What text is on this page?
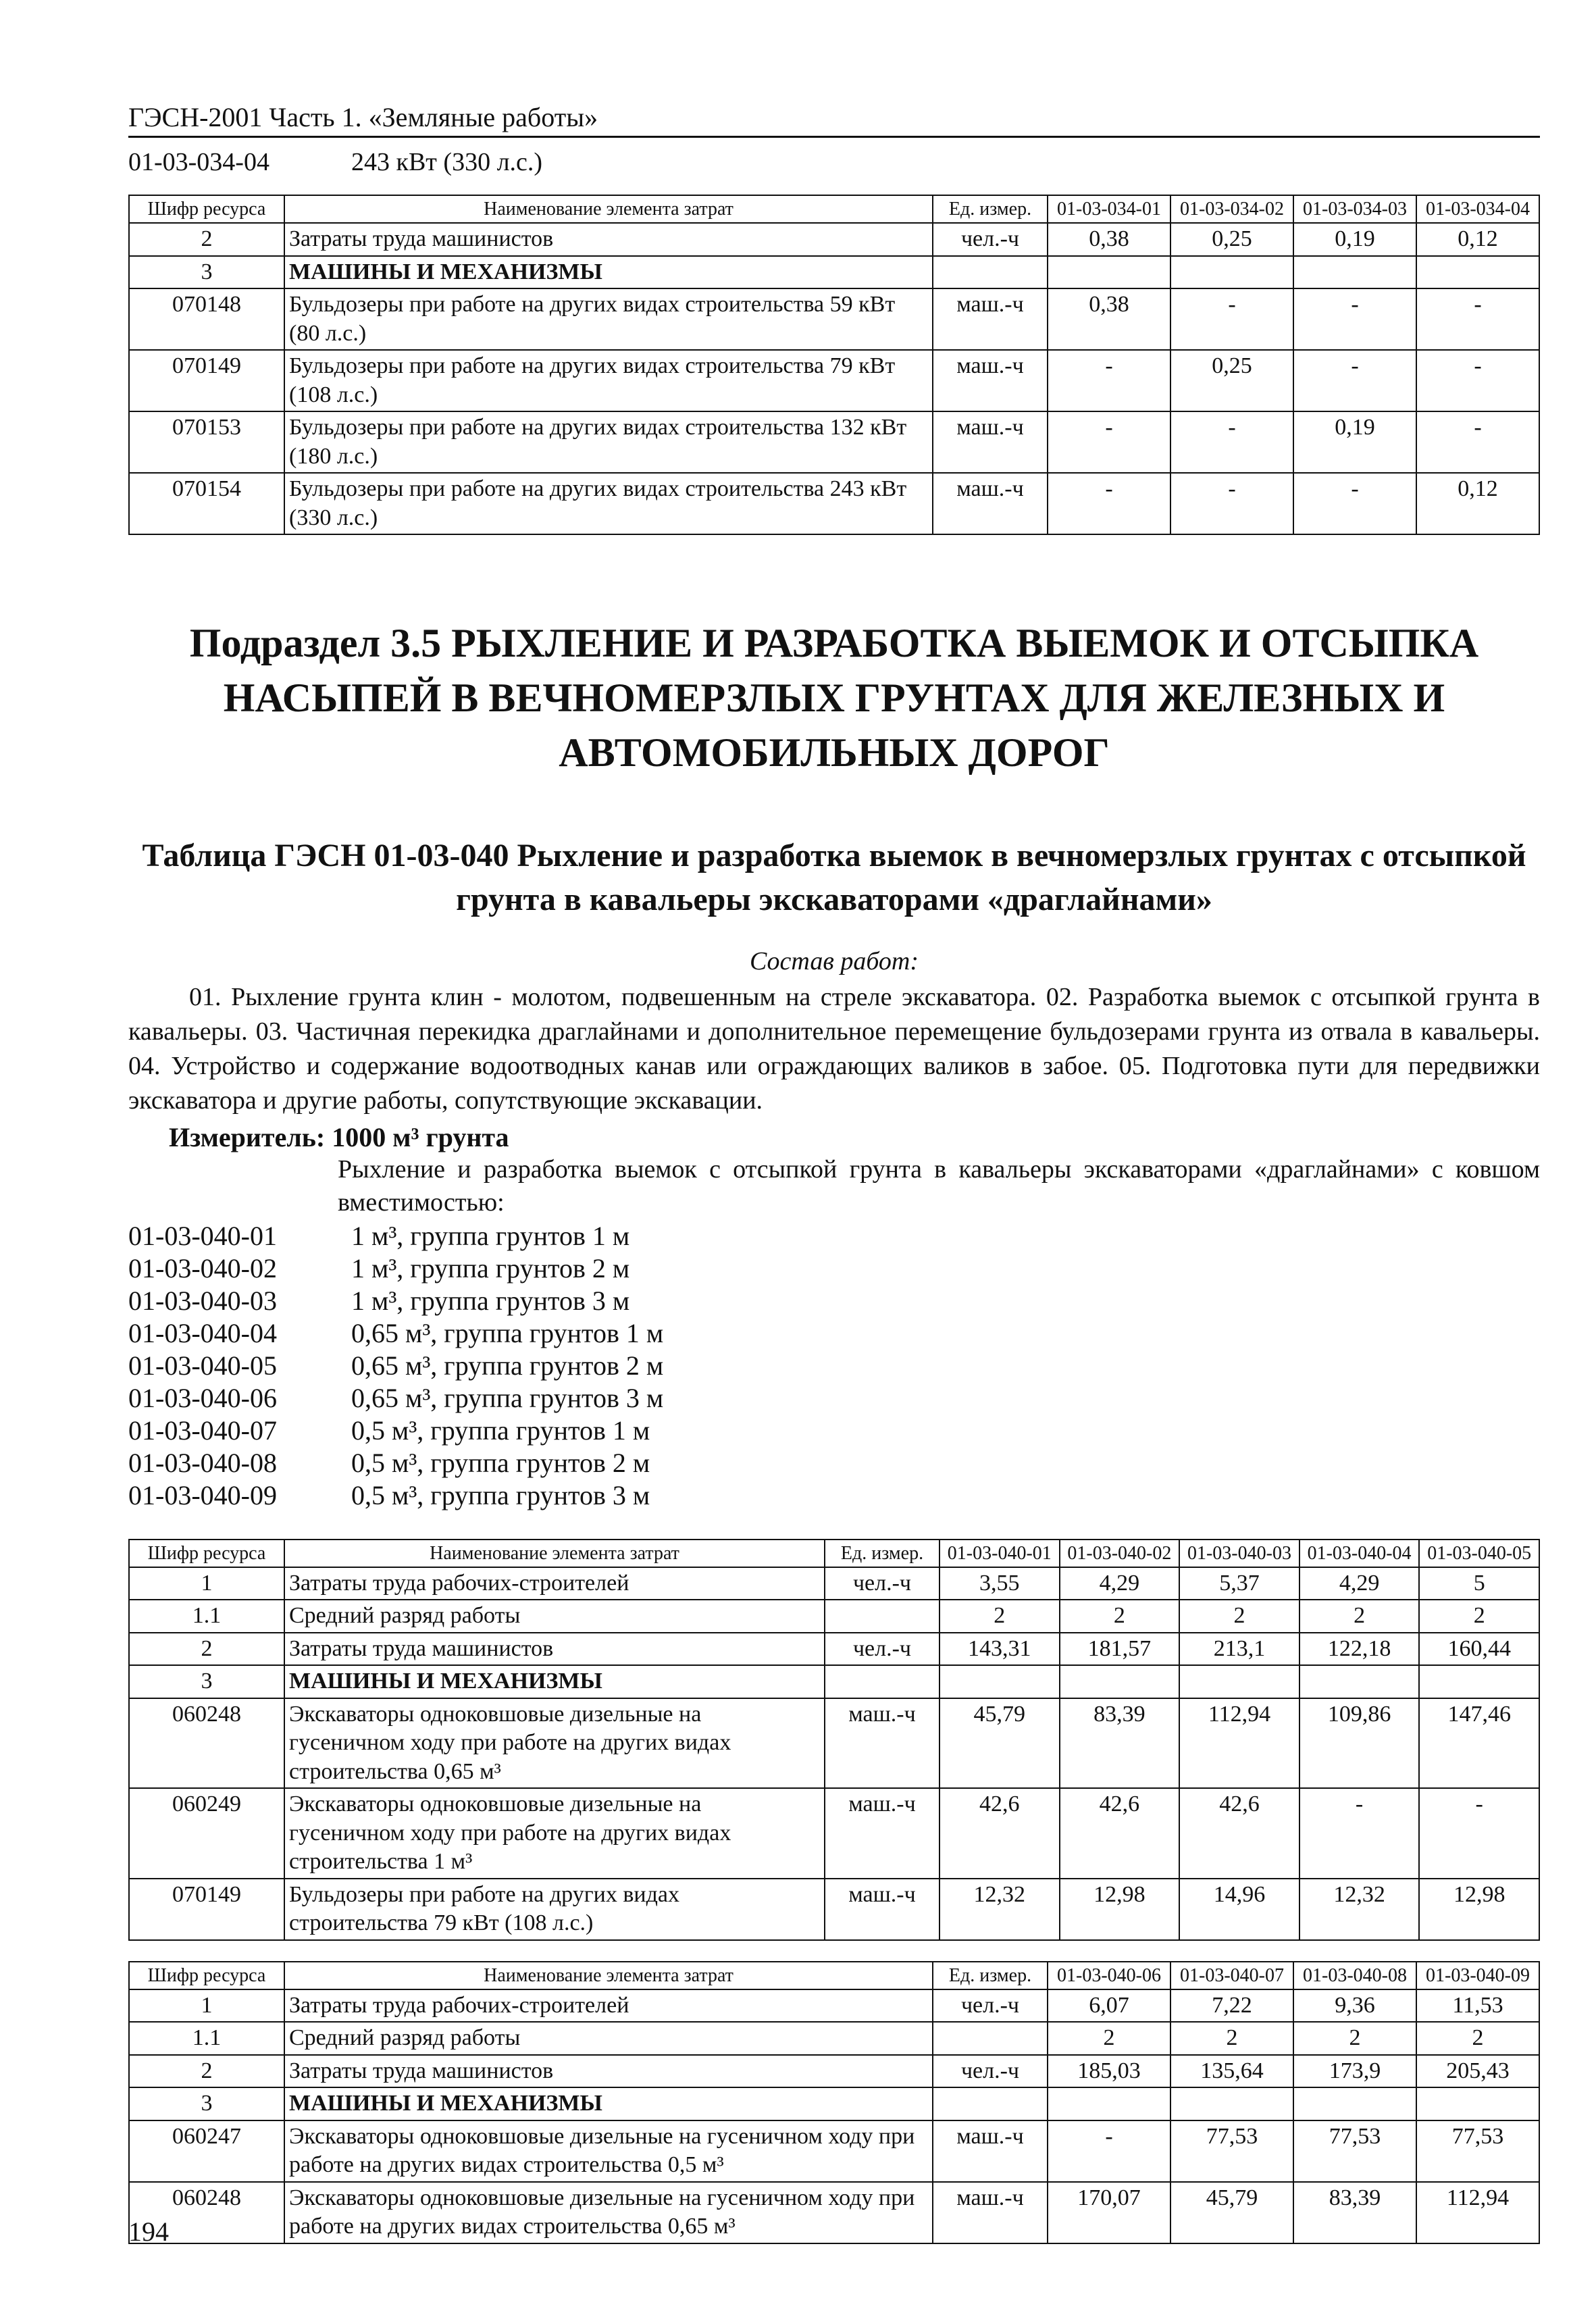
ГЭСН-2001 Часть 1. «Земляные работы»
01-03-034-04	243 кВт (330 л.с.)
Шифр ресурса	Наименование элемента затрат	Ед. измер.	01-03-034-01	01-03-034-02	01-03-034-03	01-03-034-04
2	Затраты труда машинистов	чел.-ч	0,38	0,25	0,19	0,12
3	МАШИНЫ И МЕХАНИЗМЫ					
070148	Бульдозеры при работе на других видах строительства 59 кВт (80 л.с.)	маш.-ч	0,38	-	-	-
070149	Бульдозеры при работе на других видах строительства 79 кВт (108 л.с.)	маш.-ч	-	0,25	-	-
070153	Бульдозеры при работе на других видах строительства 132 кВт (180 л.с.)	маш.-ч	-	-	0,19	-
070154	Бульдозеры при работе на других видах строительства 243 кВт (330 л.с.)	маш.-ч	-	-	-	0,12
Подраздел 3.5 РЫХЛЕНИЕ И РАЗРАБОТКА ВЫЕМОК И ОТСЫПКА НАСЫПЕЙ В ВЕЧНОМЕРЗЛЫХ ГРУНТАХ ДЛЯ ЖЕЛЕЗНЫХ И АВТОМОБИЛЬНЫХ ДОРОГ
Таблица ГЭСН 01-03-040 Рыхление и разработка выемок в вечномерзлых грунтах с отсыпкой грунта в кавальеры экскаваторами «драглайнами»
Состав работ:
01. Рыхление грунта клин - молотом, подвешенным на стреле экскаватора. 02. Разработка выемок с отсыпкой грунта в кавальеры. 03. Частичная перекидка драглайнами и дополнительное перемещение бульдозерами грунта из отвала в кавальеры. 04. Устройство и содержание водоотводных канав или ограждающих валиков в забое. 05. Подготовка пути для передвижки экскаватора и другие работы, сопутствующие экскавации.
Измеритель: 1000 м³ грунта
Рыхление и разработка выемок с отсыпкой грунта в кавальеры экскаваторами «драглайнами» с ковшом вместимостью:
01-03-040-01	1 м³, группа грунтов 1 м
01-03-040-02	1 м³, группа грунтов 2 м
01-03-040-03	1 м³, группа грунтов 3 м
01-03-040-04	0,65 м³, группа грунтов 1 м
01-03-040-05	0,65 м³, группа грунтов 2 м
01-03-040-06	0,65 м³, группа грунтов 3 м
01-03-040-07	0,5 м³, группа грунтов 1 м
01-03-040-08	0,5 м³, группа грунтов 2 м
01-03-040-09	0,5 м³, группа грунтов 3 м
Шифр ресурса	Наименование элемента затрат	Ед. измер.	01-03-040-01	01-03-040-02	01-03-040-03	01-03-040-04	01-03-040-05
1	Затраты труда рабочих-строителей	чел.-ч	3,55	4,29	5,37	4,29	5
1.1	Средний разряд работы		2	2	2	2	2
2	Затраты труда машинистов	чел.-ч	143,31	181,57	213,1	122,18	160,44
3	МАШИНЫ И МЕХАНИЗМЫ						
060248	Экскаваторы одноковшовые дизельные на гусеничном ходу при работе на других видах строительства 0,65 м³	маш.-ч	45,79	83,39	112,94	109,86	147,46
060249	Экскаваторы одноковшовые дизельные на гусеничном ходу при работе на других видах строительства 1 м³	маш.-ч	42,6	42,6	42,6	-	-
070149	Бульдозеры при работе на других видах строительства 79 кВт (108 л.с.)	маш.-ч	12,32	12,98	14,96	12,32	12,98
Шифр ресурса	Наименование элемента затрат	Ед. измер.	01-03-040-06	01-03-040-07	01-03-040-08	01-03-040-09
1	Затраты труда рабочих-строителей	чел.-ч	6,07	7,22	9,36	11,53
1.1	Средний разряд работы		2	2	2	2
2	Затраты труда машинистов	чел.-ч	185,03	135,64	173,9	205,43
3	МАШИНЫ И МЕХАНИЗМЫ					
060247	Экскаваторы одноковшовые дизельные на гусеничном ходу при работе на других видах строительства 0,5 м³	маш.-ч	-	77,53	77,53	77,53
060248	Экскаваторы одноковшовые дизельные на гусеничном ходу при работе на других видах строительства 0,65 м³	маш.-ч	170,07	45,79	83,39	112,94
194
